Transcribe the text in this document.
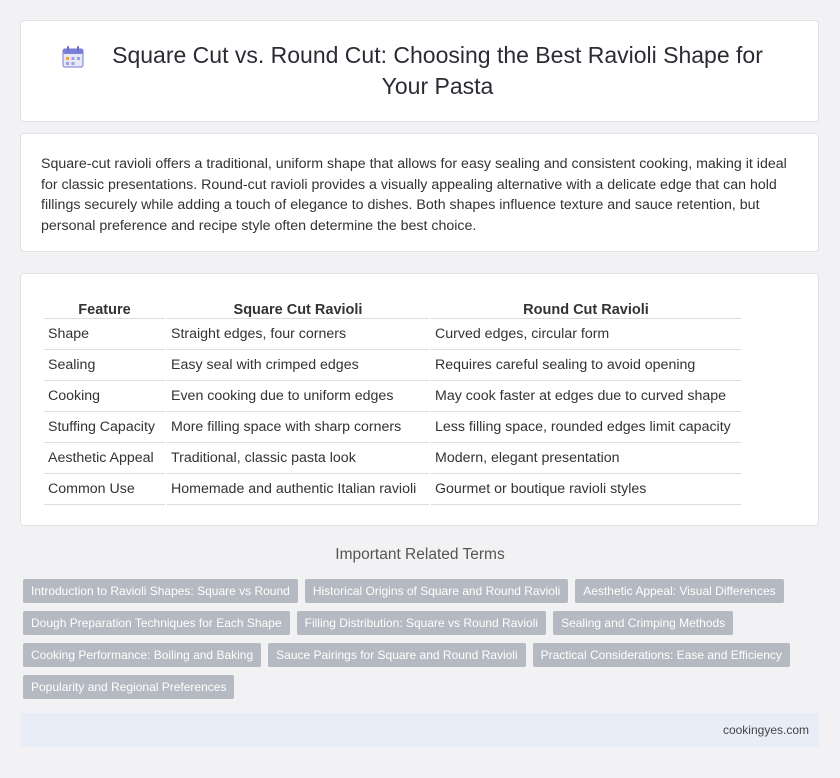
Square Cut vs. Round Cut: Choosing the Best Ravioli Shape for Your Pasta

Square-cut ravioli offers a traditional, uniform shape that allows for easy sealing and consistent cooking, making it ideal for classic presentations. Round-cut ravioli provides a visually appealing alternative with a delicate edge that can hold fillings securely while adding a touch of elegance to dishes. Both shapes influence texture and sauce retention, but personal preference and recipe style often determine the best choice.

Feature	Square Cut Ravioli	Round Cut Ravioli
Shape	Straight edges, four corners	Curved edges, circular form
Sealing	Easy seal with crimped edges	Requires careful sealing to avoid opening
Cooking	Even cooking due to uniform edges	May cook faster at edges due to curved shape
Stuffing Capacity	More filling space with sharp corners	Less filling space, rounded edges limit capacity
Aesthetic Appeal	Traditional, classic pasta look	Modern, elegant presentation
Common Use	Homemade and authentic Italian ravioli	Gourmet or boutique ravioli styles
Important Related Terms
Introduction to Ravioli Shapes: Square vs Round	Historical Origins of Square and Round Ravioli	Aesthetic Appeal: Visual Differences
Dough Preparation Techniques for Each Shape	Filling Distribution: Square vs Round Ravioli	Sealing and Crimping Methods
Cooking Performance: Boiling and Baking	Sauce Pairings for Square and Round Ravioli	Practical Considerations: Ease and Efficiency
Popularity and Regional Preferences
cookingyes.com
